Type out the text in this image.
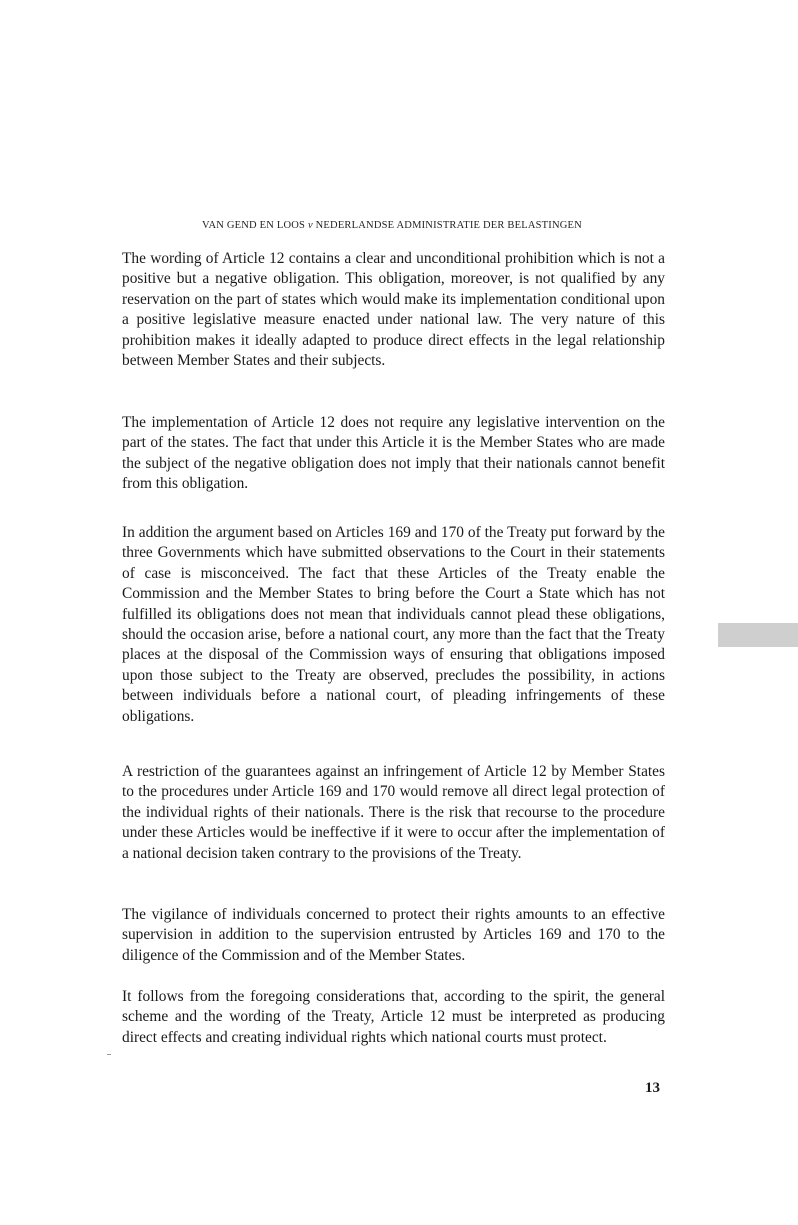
VAN GEND EN LOOS v NEDERLANDSE ADMINISTRATIE DER BELASTINGEN
The wording of Article 12 contains a clear and unconditional prohibition which is not a positive but a negative obligation. This obligation, moreover, is not qualified by any reservation on the part of states which would make its implementation conditional upon a positive legislative measure enacted under national law. The very nature of this prohibition makes it ideally adapted to produce direct effects in the legal relationship between Member States and their subjects.
The implementation of Article 12 does not require any legislative intervention on the part of the states. The fact that under this Article it is the Member States who are made the subject of the negative obligation does not imply that their nationals cannot benefit from this obligation.
In addition the argument based on Articles 169 and 170 of the Treaty put forward by the three Governments which have submitted observations to the Court in their statements of case is misconceived. The fact that these Articles of the Treaty enable the Commission and the Member States to bring before the Court a State which has not fulfilled its obligations does not mean that individuals cannot plead these obligations, should the occasion arise, before a national court, any more than the fact that the Treaty places at the disposal of the Commission ways of ensuring that obligations imposed upon those subject to the Treaty are observed, precludes the possibility, in actions between individuals before a national court, of pleading infringements of these obligations.
A restriction of the guarantees against an infringement of Article 12 by Member States to the procedures under Article 169 and 170 would remove all direct legal protection of the individual rights of their nationals. There is the risk that recourse to the procedure under these Articles would be ineffective if it were to occur after the implementation of a national decision taken contrary to the provisions of the Treaty.
The vigilance of individuals concerned to protect their rights amounts to an effective supervision in addition to the supervision entrusted by Articles 169 and 170 to the diligence of the Commission and of the Member States.
It follows from the foregoing considerations that, according to the spirit, the general scheme and the wording of the Treaty, Article 12 must be interpreted as producing direct effects and creating individual rights which national courts must protect.
13
